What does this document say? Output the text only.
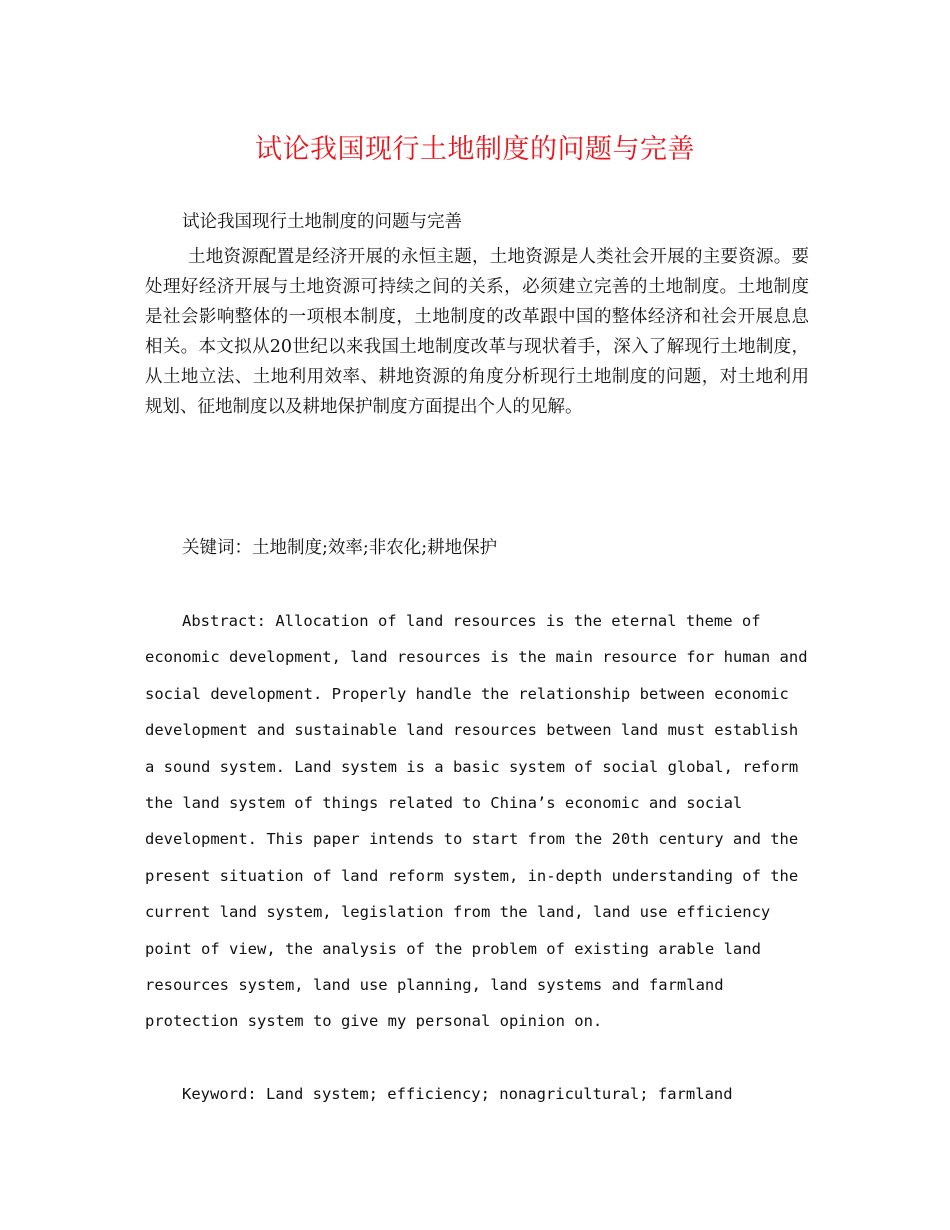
试论我国现行土地制度的问题与完善
试论我国现行土地制度的问题与完善
土地资源配置是经济开展的永恒主题，土地资源是人类社会开展的主要资源。要处理好经济开展与土地资源可持续之间的关系，必须建立完善的土地制度。土地制度是社会影响整体的一项根本制度，土地制度的改革跟中国的整体经济和社会开展息息相关。本文拟从20世纪以来我国土地制度改革与现状着手，深入了解现行土地制度，从土地立法、土地利用效率、耕地资源的角度分析现行土地制度的问题，对土地利用规划、征地制度以及耕地保护制度方面提出个人的见解。
关键词：土地制度;效率;非农化;耕地保护
Abstract: Allocation of land resources is the eternal theme of
economic development, land resources is the main resource for human and
social development. Properly handle the relationship between economic
development and sustainable land resources between land must establish
a sound system. Land system is a basic system of social global, reform
the land system of things related to China’s economic and social
development. This paper intends to start from the 20th century and the
present situation of land reform system, in-depth understanding of the
current land system, legislation from the land, land use efficiency
point of view, the analysis of the problem of existing arable land
resources system, land use planning, land systems and farmland
protection system to give my personal opinion on.
Keyword: Land system; efficiency; nonagricultural; farmland
